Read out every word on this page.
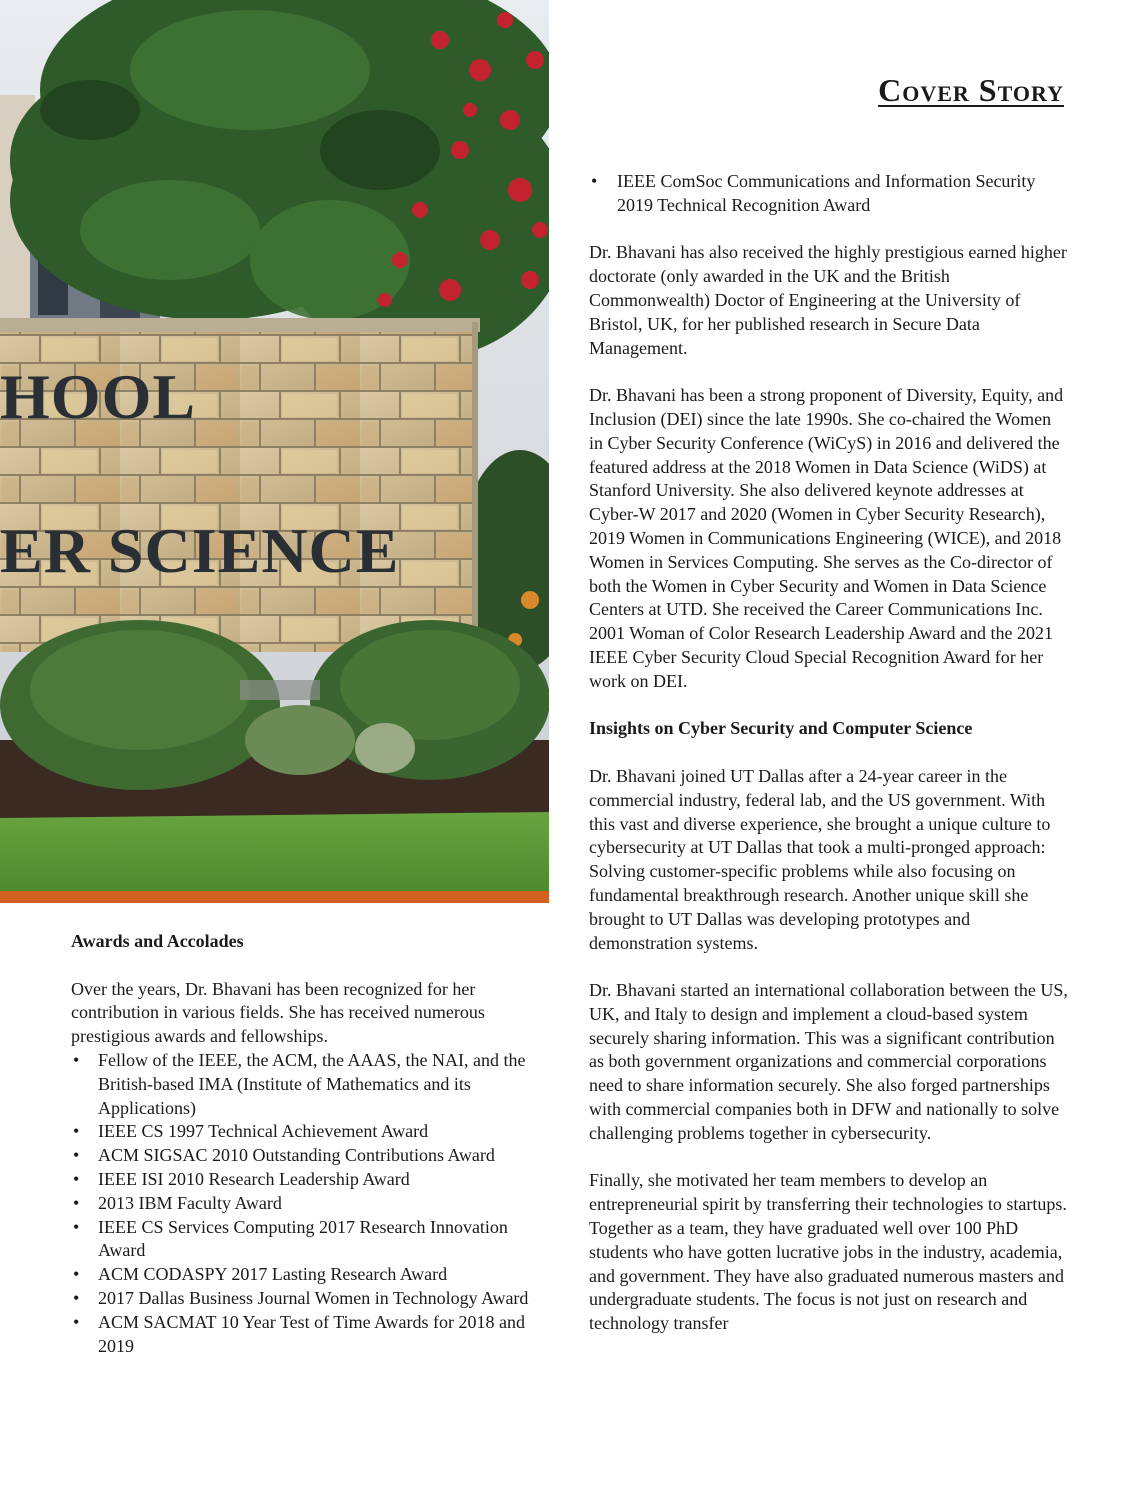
HOOL
ER SCIENCE
Cover Story
Awards and Accolades

Over the years, Dr. Bhavani has been recognized for her contribution in various fields. She has received numerous prestigious awards and fellowships.

• Fellow of the IEEE, the ACM, the AAAS, the NAI, and the British-based IMA (Institute of Mathematics and its Applications)
• IEEE CS 1997 Technical Achievement Award
• ACM SIGSAC 2010 Outstanding Contributions Award
• IEEE ISI 2010 Research Leadership Award
• 2013 IBM Faculty Award
• IEEE CS Services Computing 2017 Research Innovation Award
• ACM CODASPY 2017 Lasting Research Award
• 2017 Dallas Business Journal Women in Technology Award
• ACM SACMAT 10 Year Test of Time Awards for 2018 and 2019
• IEEE ComSoc Communications and Information Security 2019 Technical Recognition Award

Dr. Bhavani has also received the highly prestigious earned higher doctorate (only awarded in the UK and the British Commonwealth) Doctor of Engineering at the University of Bristol, UK, for her published research in Secure Data Management.

Dr. Bhavani has been a strong proponent of Diversity, Equity, and Inclusion (DEI) since the late 1990s. She co-chaired the Women in Cyber Security Conference (WiCyS) in 2016 and delivered the featured address at the 2018 Women in Data Science (WiDS) at Stanford University. She also delivered keynote addresses at Cyber-W 2017 and 2020 (Women in Cyber Security Research), 2019 Women in Communications Engineering (WICE), and 2018 Women in Services Computing. She serves as the Co-director of both the Women in Cyber Security and Women in Data Science Centers at UTD. She received the Career Communications Inc. 2001 Woman of Color Research Leadership Award and the 2021 IEEE Cyber Security Cloud Special Recognition Award for her work on DEI.

Insights on Cyber Security and Computer Science

Dr. Bhavani joined UT Dallas after a 24-year career in the commercial industry, federal lab, and the US government. With this vast and diverse experience, she brought a unique culture to cybersecurity at UT Dallas that took a multi-pronged approach: Solving customer-specific problems while also focusing on fundamental breakthrough research. Another unique skill she brought to UT Dallas was developing prototypes and demonstration systems.

Dr. Bhavani started an international collaboration between the US, UK, and Italy to design and implement a cloud-based system securely sharing information. This was a significant contribution as both government organizations and commercial corporations need to share information securely. She also forged partnerships with commercial companies both in DFW and nationally to solve challenging problems together in cybersecurity.

Finally, she motivated her team members to develop an entrepreneurial spirit by transferring their technologies to startups. Together as a team, they have graduated well over 100 PhD students who have gotten lucrative jobs in the industry, academia, and government. They have also graduated numerous masters and undergraduate students. The focus is not just on research and technology transfer
